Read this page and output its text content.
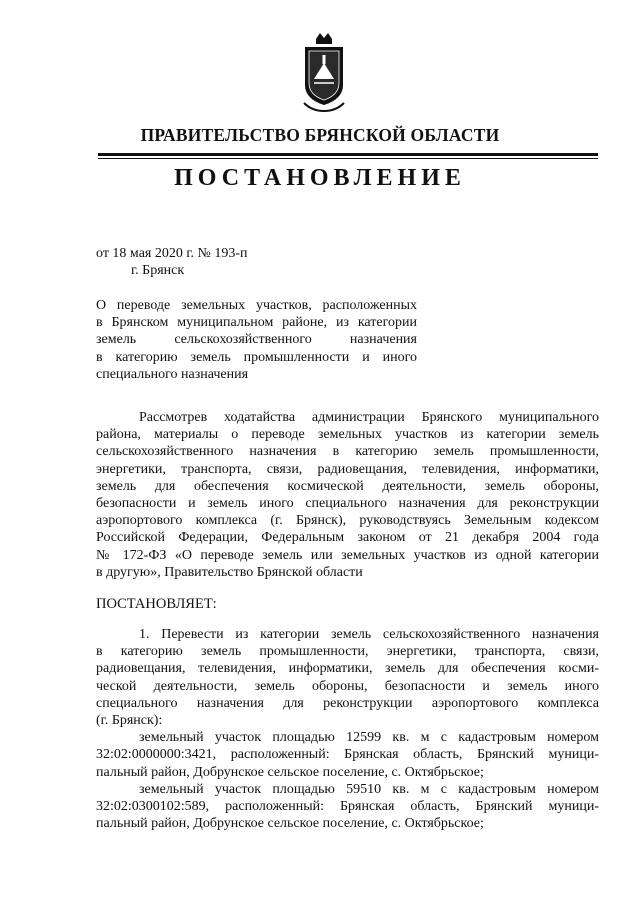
ПРАВИТЕЛЬСТВО БРЯНСКОЙ ОБЛАСТИ
ПОСТАНОВЛЕНИЕ
от 18 мая 2020 г. № 193-п
г. Брянск
О переводе земельных участков, расположенных
в Брянском муниципальном районе, из категории
земель сельскохозяйственного назначения
в категорию земель промышленности и иного
специального назначения
Рассмотрев ходатайства администрации Брянского муниципального
района, материалы о переводе земельных участков из категории земель
сельскохозяйственного назначения в категорию земель промышленности,
энергетики, транспорта, связи, радиовещания, телевидения, информатики,
земель для обеспечения космической деятельности, земель обороны,
безопасности и земель иного специального назначения для реконструкции
аэропортового комплекса (г. Брянск), руководствуясь Земельным кодексом
Российской Федерации, Федеральным законом от 21 декабря 2004 года
№ 172-ФЗ «О переводе земель или земельных участков из одной категории
в другую», Правительство Брянской области
ПОСТАНОВЛЯЕТ:
1. Перевести из категории земель сельскохозяйственного назначения
в категорию земель промышленности, энергетики, транспорта, связи,
радиовещания, телевидения, информатики, земель для обеспечения косми-
ческой деятельности, земель обороны, безопасности и земель иного
специального назначения для реконструкции аэропортового комплекса
(г. Брянск):
земельный участок площадью 12599 кв. м с кадастровым номером
32:02:0000000:3421, расположенный: Брянская область, Брянский муници-
пальный район, Добрунское сельское поселение, с. Октябрьское;
земельный участок площадью 59510 кв. м с кадастровым номером
32:02:0300102:589, расположенный: Брянская область, Брянский муници-
пальный район, Добрунское сельское поселение, с. Октябрьское;
